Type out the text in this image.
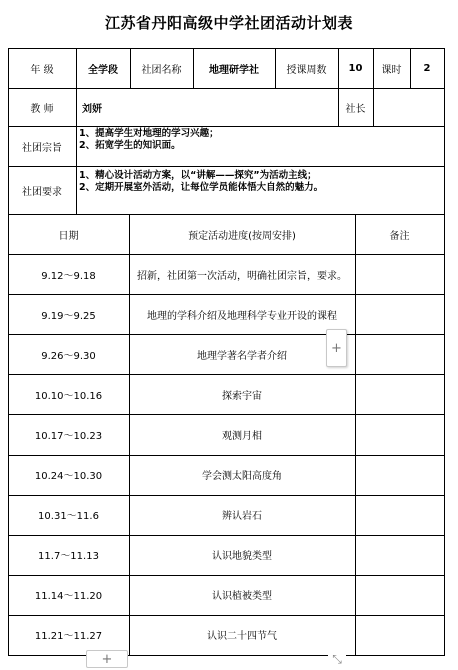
江苏省丹阳高级中学社团活动计划表
年 级	全学段	社团名称	地理研学社	授课周数	10	课时	2
教 师	刘妍	社长
社团宗旨
1、提高学生对地理的学习兴趣；
2、拓宽学生的知识面。
社团要求
1、精心设计活动方案，以“讲解——探究”为活动主线；
2、定期开展室外活动，让每位学员能体悟大自然的魅力。
日期	预定活动进度(按周安排)	备注
9.12～9.18	招新，社团第一次活动，明确社团宗旨，要求。
9.19～9.25	地理的学科介绍及地理科学专业开设的课程
9.26～9.30	地理学著名学者介绍
10.10～10.16	探索宇宙
10.17～10.23	观测月相
10.24～10.30	学会测太阳高度角
10.31～11.6	辨认岩石
11.7～11.13	认识地貌类型
11.14～11.20	认识植被类型
11.21～11.27	认识二十四节气
+
+	⤡
